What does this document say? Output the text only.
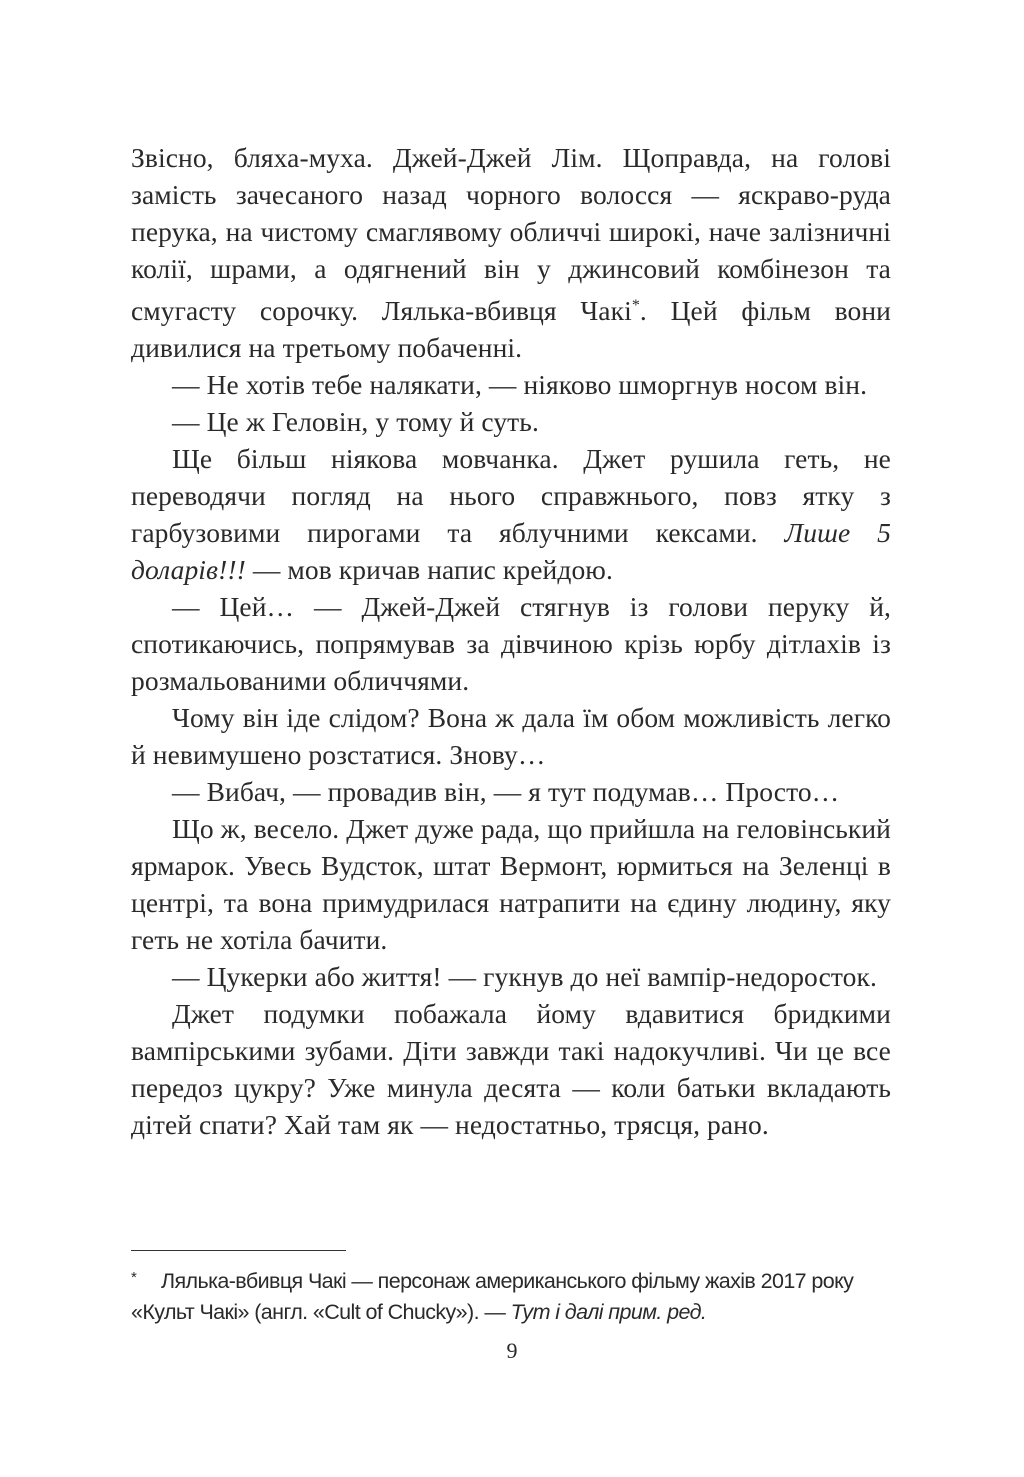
Звісно, бляха-муха. Джей-Джей Лім. Щоправда, на голові замість зачесаного назад чорного волосся — яскраво-руда перука, на чистому смаглявому обличчі широкі, наче залізничні колії, шрами, а одягнений він у джинсовий комбінезон та смугасту сорочку. Лялька-вбивця Чакі*. Цей фільм вони дивилися на третьому побаченні.

— Не хотів тебе налякати, — ніяково шморгнув носом він.

— Це ж Геловін, у тому й суть.

Ще більш ніякова мовчанка. Джет рушила геть, не переводячи погляд на нього справжнього, повз ятку з гарбузовими пирогами та яблучними кексами. Лише 5 доларів!!! — мов кричав напис крейдою.

— Цей… — Джей-Джей стягнув із голови перуку й, спотикаючись, попрямував за дівчиною крізь юрбу дітлахів із розмальованими обличчями.

Чому він іде слідом? Вона ж дала їм обом можливість легко й невимушено розстатися. Знову…

— Вибач, — провадив він, — я тут подумав… Просто…

Що ж, весело. Джет дуже рада, що прийшла на геловінський ярмарок. Увесь Вудсток, штат Вермонт, юрмиться на Зеленці в центрі, та вона примудрилася натрапити на єдину людину, яку геть не хотіла бачити.

— Цукерки або життя! — гукнув до неї вампір-недоросток.

Джет подумки побажала йому вдавитися бридкими вампірськими зубами. Діти завжди такі надокучливі. Чи це все передоз цукру? Уже минула десята — коли батьки вкладають дітей спати? Хай там як — недостатньо, трясця, рано.

* Лялька-вбивця Чакі — персонаж американського фільму жахів 2017 року

«Культ Чакі» (англ. «Cult of Chucky»). — Тут і далі прим. ред.

9
